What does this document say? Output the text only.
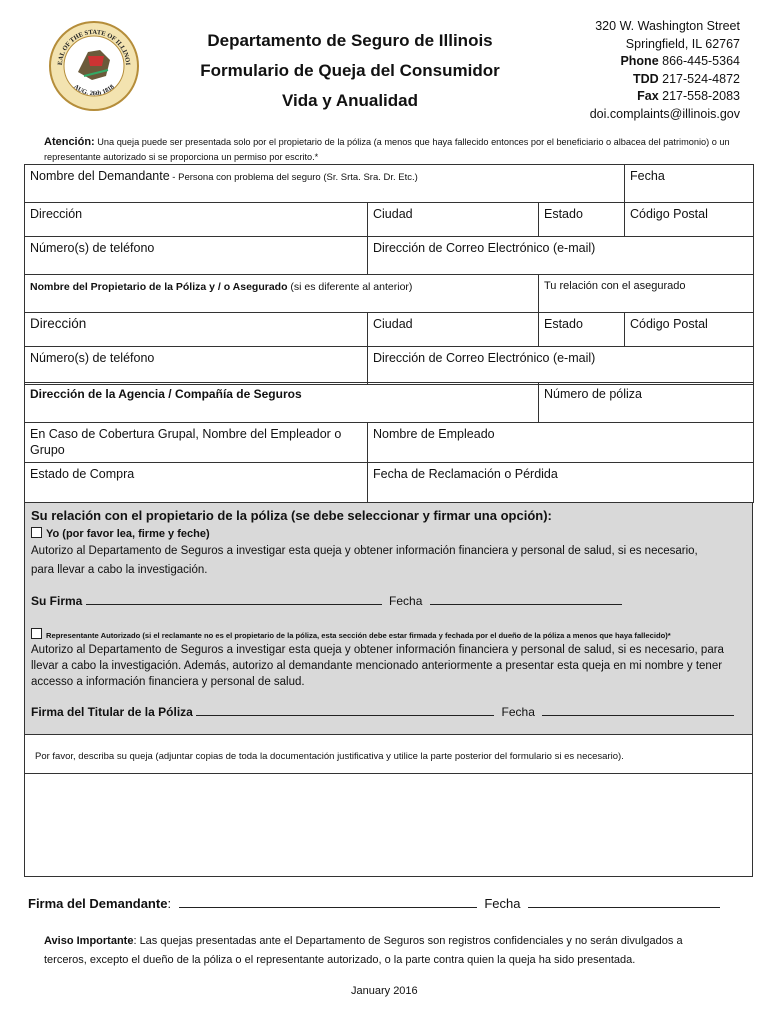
EAL OF THE STATE OF ILLINOI
AUG. 26th 1818
Departamento de Seguro de Illinois
Formulario de Queja del Consumidor
Vida y Anualidad
320 W. Washington Street
Springfield, IL 62767
Phone 866-445-5364
TDD 217-524-4872
Fax 217-558-2083
doi.complaints@illinois.gov
Atención: Una queja puede ser presentada solo por el propietario de la póliza (a menos que haya fallecido entonces por el beneficiario o albacea del patrimonio) o un representante autorizado si se proporciona un permiso por escrito.*
Nombre del Demandante - Persona con problema del seguro (Sr. Srta. Sra. Dr. Etc.)			Fecha
Dirección	Ciudad	Estado	Código Postal
Número(s) de teléfono	Dirección de Correo Electrónico (e-mail)		
Nombre del Propietario de la Póliza y / o Asegurado (si es diferente al anterior)		Tu relación con el asegurado	
Dirección	Ciudad	Estado	Código Postal
Número(s) de teléfono	Dirección de Correo Electrónico (e-mail)		
Dirección de la Agencia / Compañía de Seguros		Número de póliza
En Caso de Cobertura Grupal, Nombre del Empleador o Grupo	Nombre de Empleado	
Estado de Compra	Fecha de Reclamación o Pérdida	
Su relación con el propietario de la póliza (se debe seleccionar y firmar una opción):
Yo (por favor lea, firme y feche)
Autorizo al Departamento de Seguros a investigar esta queja y obtener información financiera y personal de salud, si es necesario,
para llevar a cabo la investigación.
Su Firma	Fecha
Representante Autorizado (si el reclamante no es el propietario de la póliza, esta sección debe estar firmada y fechada por el dueño de la póliza a menos que haya fallecido)*
Autorizo al Departamento de Seguros a investigar esta queja y obtener información financiera y personal de salud, si es necesario, para
llevar a cabo la investigación. Además, autorizo al demandante mencionado anteriormente a presentar esta queja en mi nombre y tener
accesso a información financiera y personal de salud.
Firma del Titular de la Póliza	Fecha
Por favor, describa su queja (adjuntar copias de toda la documentación justificativa y utilice la parte posterior del formulario si es necesario).
Firma del Demandante:	Fecha
Aviso Importante: Las quejas presentadas ante el Departamento de Seguros son registros confidenciales y no serán divulgados a terceros, excepto el dueño de la póliza o el representante autorizado, o la parte contra quien la queja ha sido presentada.
January 2016
